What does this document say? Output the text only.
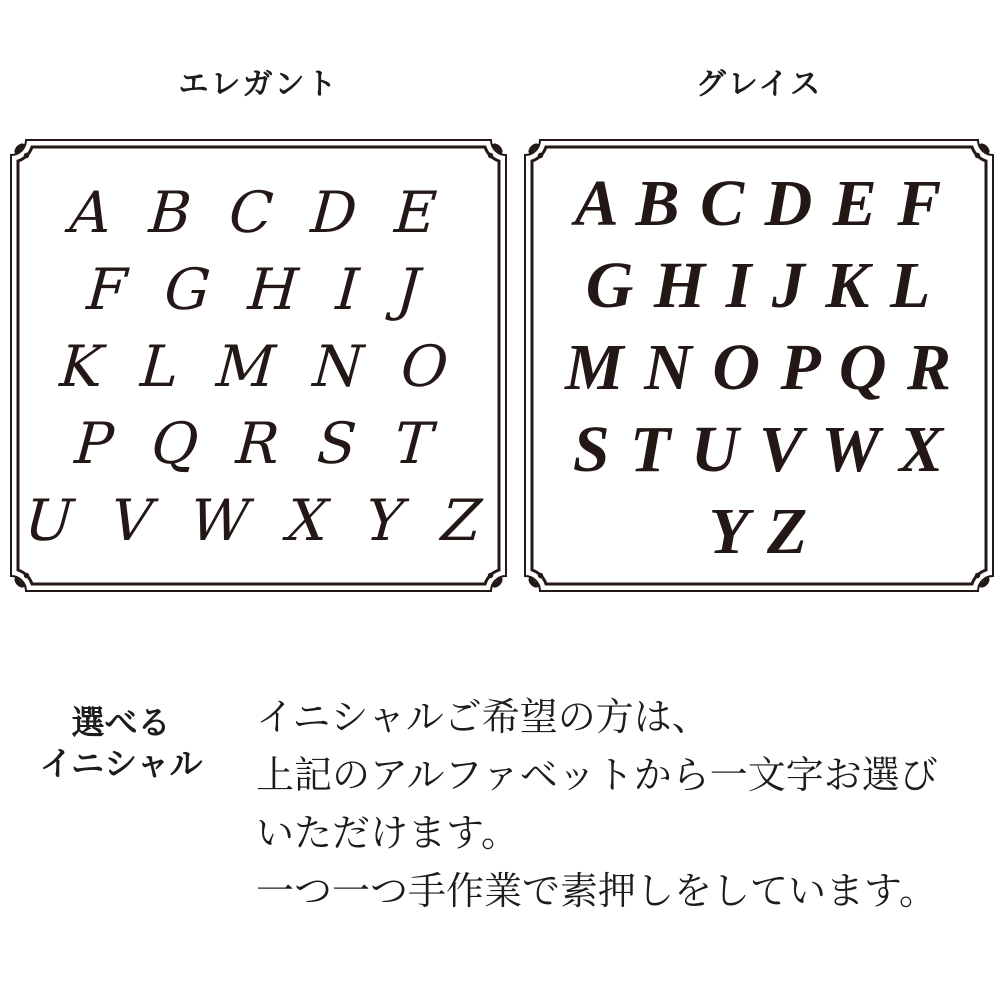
エレガント	グレイス
A B C D E
F G H I J
K L M N O
P Q R S T
U V W X Y Z
A B C D E F
G H I J K L
M N O P Q R
S T U V W X
Y Z
選べる
イニシャル

イニシャルご希望の方は、

上記のアルファベットから一文字お選び

いただけます。

一つ一つ手作業で素押しをしています。
